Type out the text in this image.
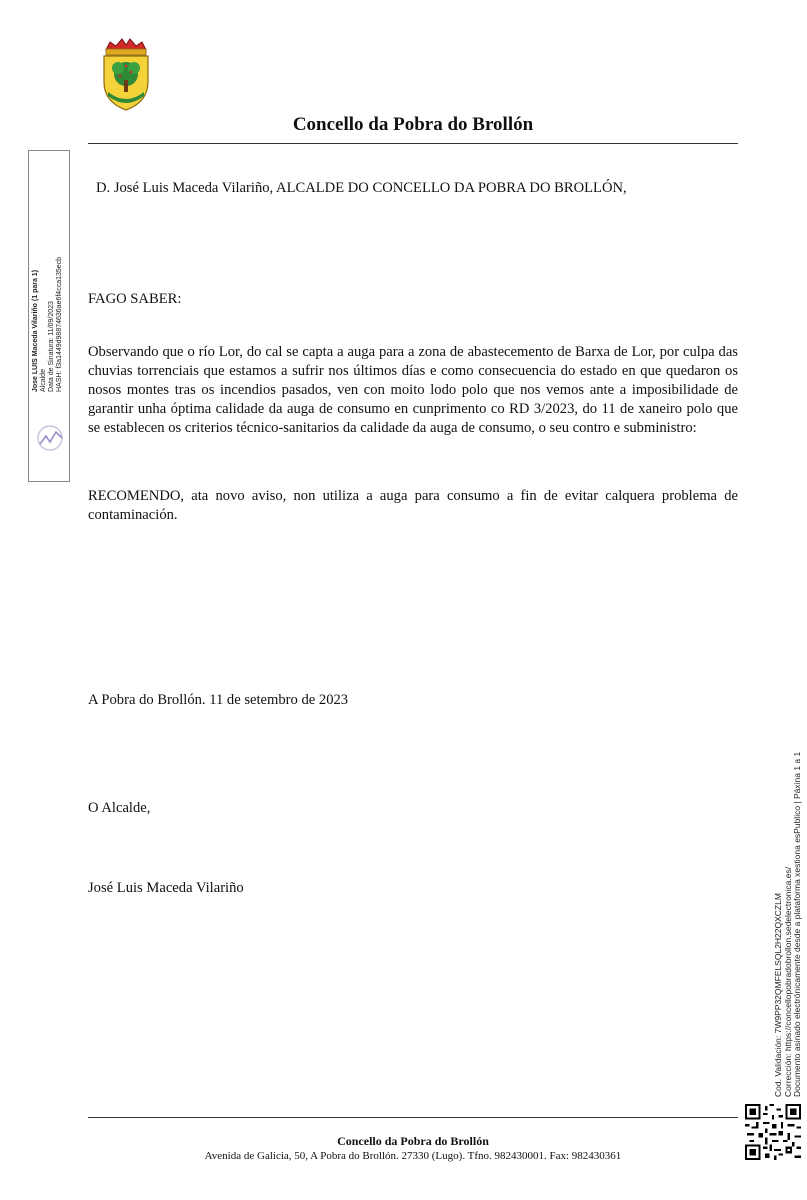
Concello da Pobra do Brollón
Jose LUIS Maceda Vilariño (1 para 1) Alcalde Data de Sinatura: 11/09/2023 HASH: f3a1449d98874636ae6f4cca135ecb
D. José Luis Maceda Vilariño, ALCALDE DO CONCELLO DA POBRA DO BROLLÓN,
FAGO SABER:
Observando que o río Lor, do cal se capta a auga para a zona de abastecemento de Barxa de Lor, por culpa das chuvias torrenciais que estamos a sufrir nos últimos días e como consecuencia do estado en que quedaron os nosos montes tras os incendios pasados, ven con moito lodo polo que nos vemos ante a imposibilidade de garantir unha óptima calidade da auga de consumo en cunprimento co RD 3/2023, do 11 de xaneiro polo que se establecen os criterios técnico-sanitarios da calidade da auga de consumo, o seu contro e subministro:
RECOMENDO, ata novo aviso, non utiliza a auga para consumo a fin de evitar calquera problema de contaminación.
A Pobra do Brollón. 11 de setembro de 2023
O Alcalde,
José Luis Maceda Vilariño
Concello da Pobra do Brollón
Avenida de Galicia, 50, A Pobra do Brollón. 27330 (Lugo). Tfno. 982430001. Fax: 982430361
Cod. Validación: 7W9PP32QMFELSQL2H22QXCZLM Corrección: https://concellopobradobrollon.sedelectronica.es/ Documento asinado electrónicamente desde a plataforma xestiona esPublico | Páxina 1 a 1
